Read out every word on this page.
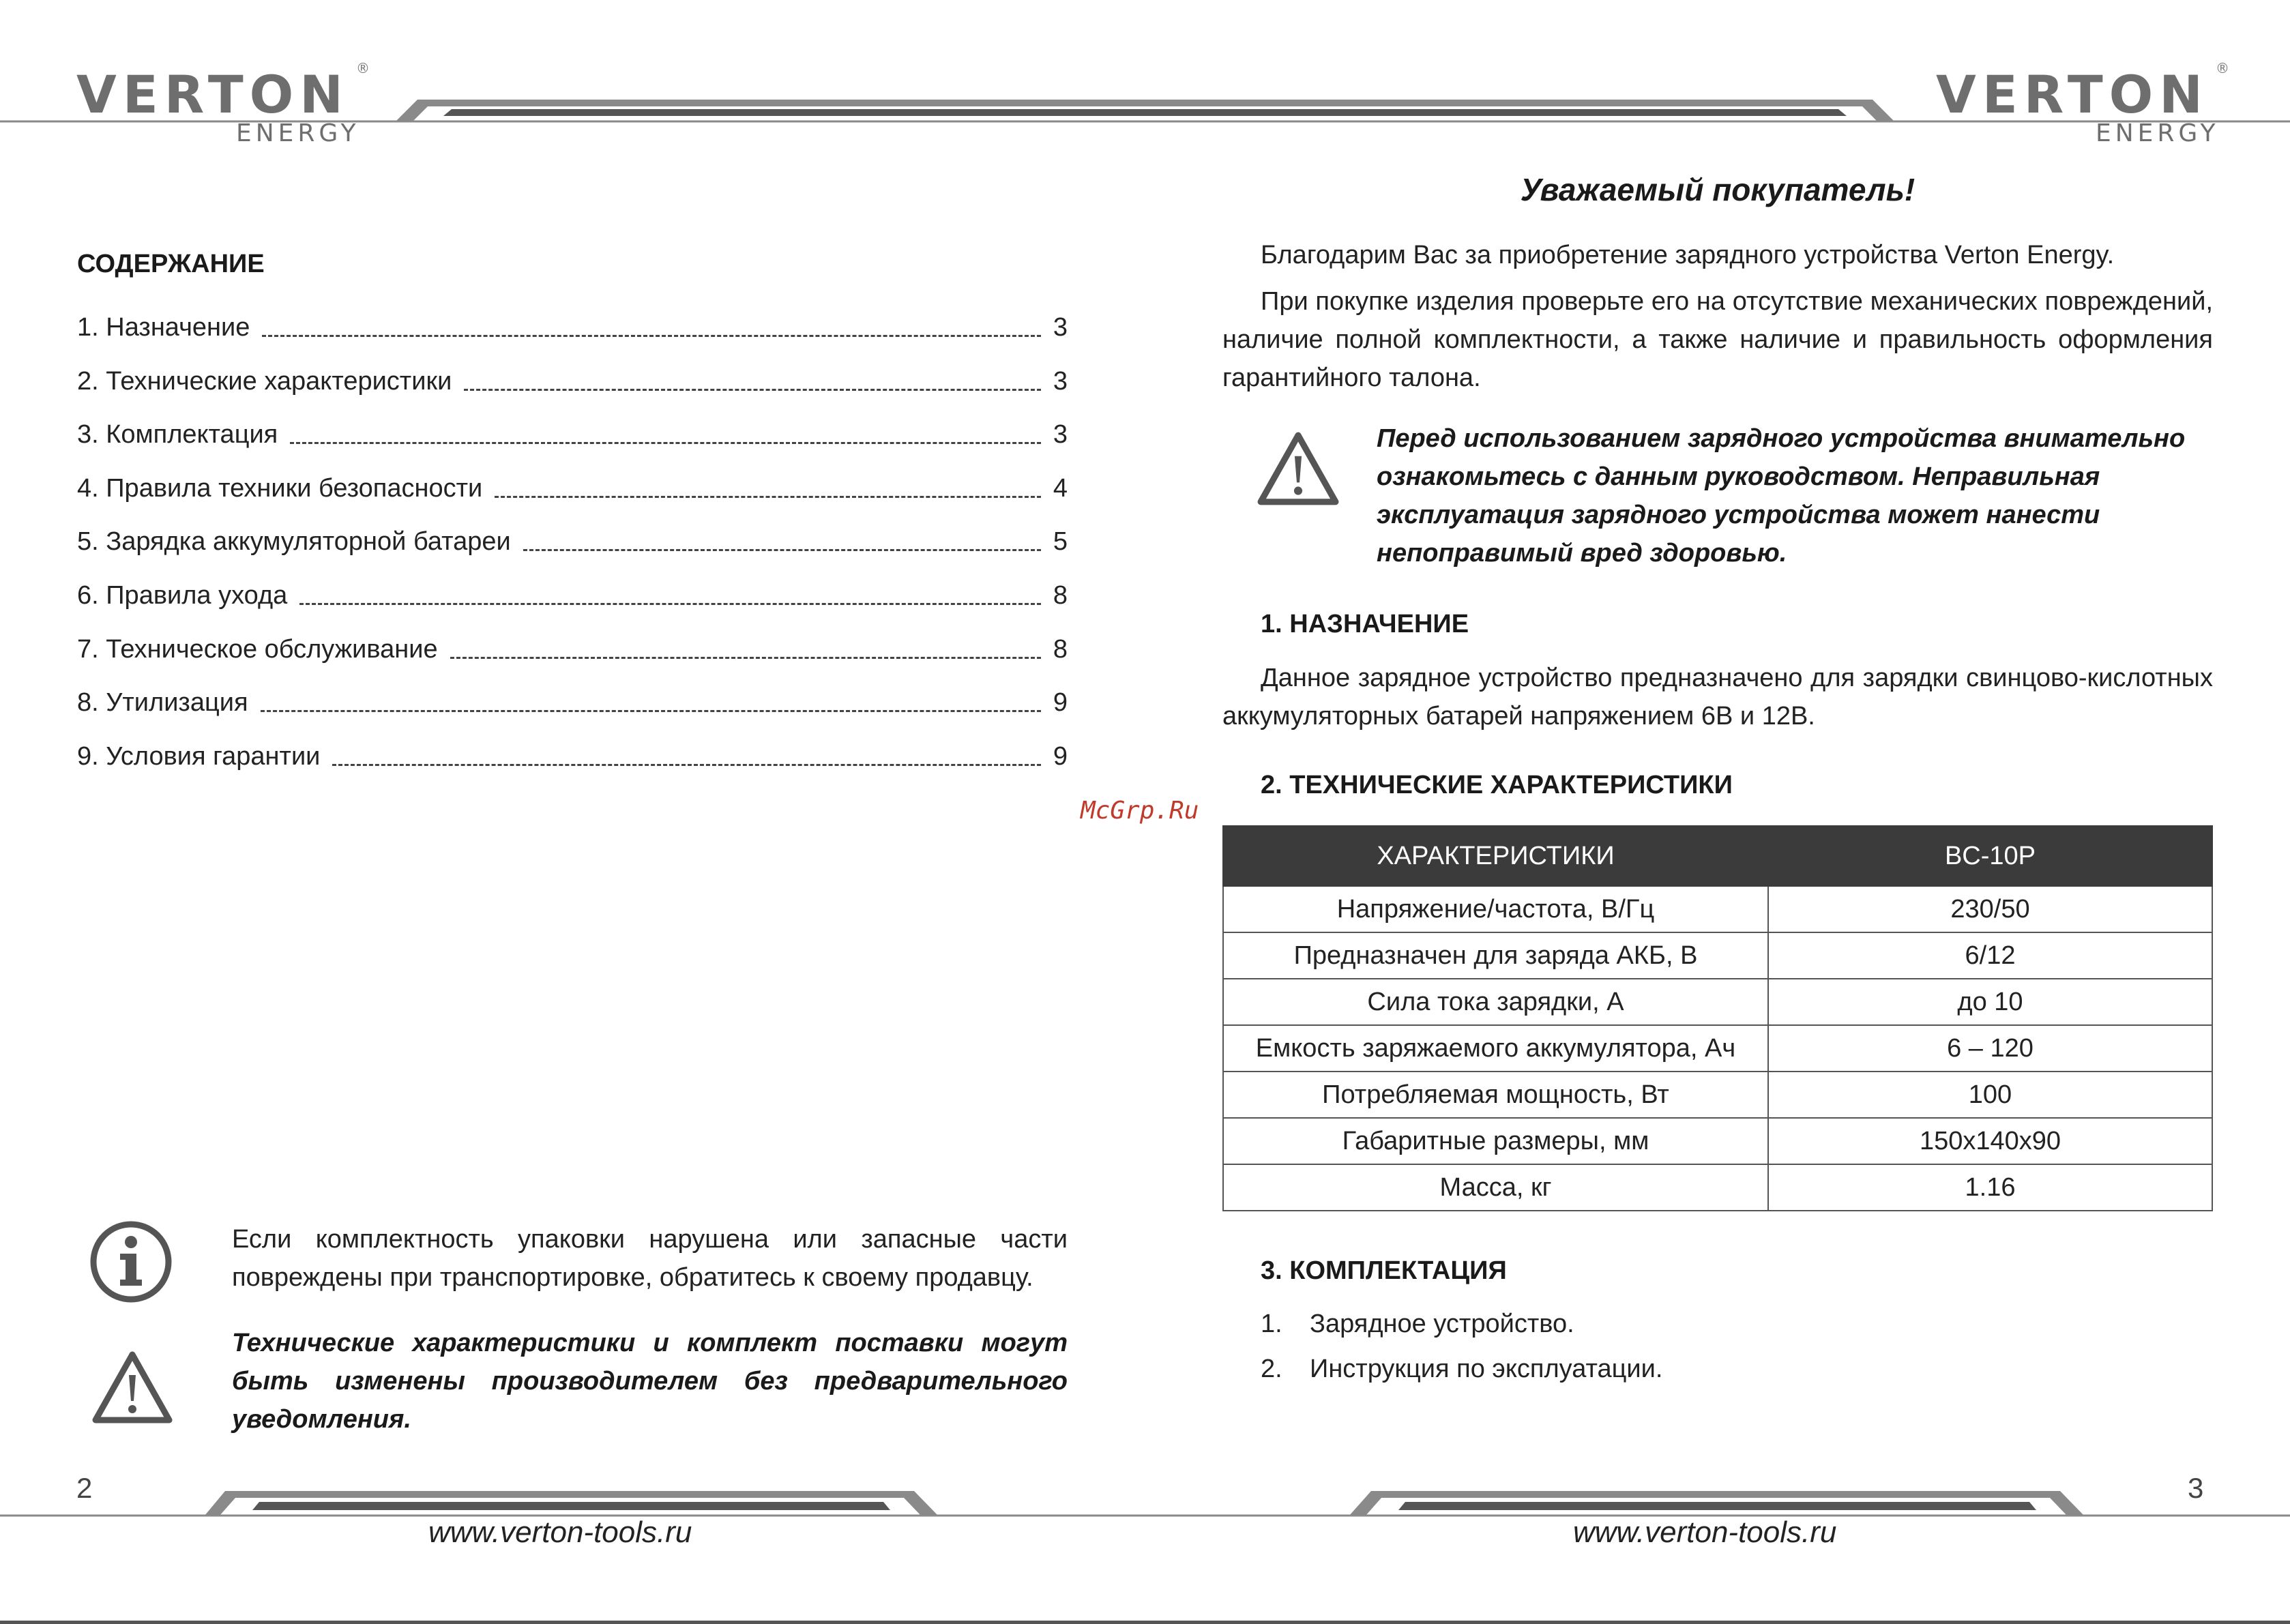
VERTON ®
ENERGY
VERTON ®
ENERGY
СОДЕРЖАНИЕ
1. Назначение	3
2. Технические характеристики	3
3. Комплектация	3
4. Правила техники безопасности	4
5. Зарядка аккумуляторной батареи	5
6. Правила ухода	8
7. Техническое обслуживание	8
8. Утилизация	9
9. Условия гарантии	9
McGrp.Ru
Если комплектность упаковки нарушена или запасные части повреждены при транспортировке, обратитесь к своему продавцу.
Технические характеристики и комплект поставки могут быть изменены производителем без предварительного уведомления.
Уважаемый покупатель!
Благодарим Вас за приобретение зарядного устройства Verton Energy.
При покупке изделия проверьте его на отсутствие механических повреждений, наличие полной комплектности, а также наличие и правильность оформления гарантийного талона.
Перед использованием зарядного устройства внимательно ознакомьтесь с данным руководством. Неправильная эксплуатация зарядного устройства может нанести непоправимый вред здоровью.
1. НАЗНАЧЕНИЕ
Данное зарядное устройство предназначено для зарядки свинцово-кислотных аккумуляторных батарей напряжением 6В и 12В.
2. ТЕХНИЧЕСКИЕ ХАРАКТЕРИСТИКИ
ХАРАКТЕРИСТИКИ	BC-10P
Напряжение/частота, В/Гц	230/50
Предназначен для заряда АКБ, В	6/12
Сила тока зарядки, А	до 10
Емкость заряжаемого аккумулятора, Ач	6 – 120
Потребляемая мощность, Вт	100
Габаритные размеры, мм	150x140x90
Масса, кг	1.16
3. КОМПЛЕКТАЦИЯ
1. Зарядное устройство.
2. Инструкция по эксплуатации.
2	3
www.verton-tools.ru	www.verton-tools.ru
